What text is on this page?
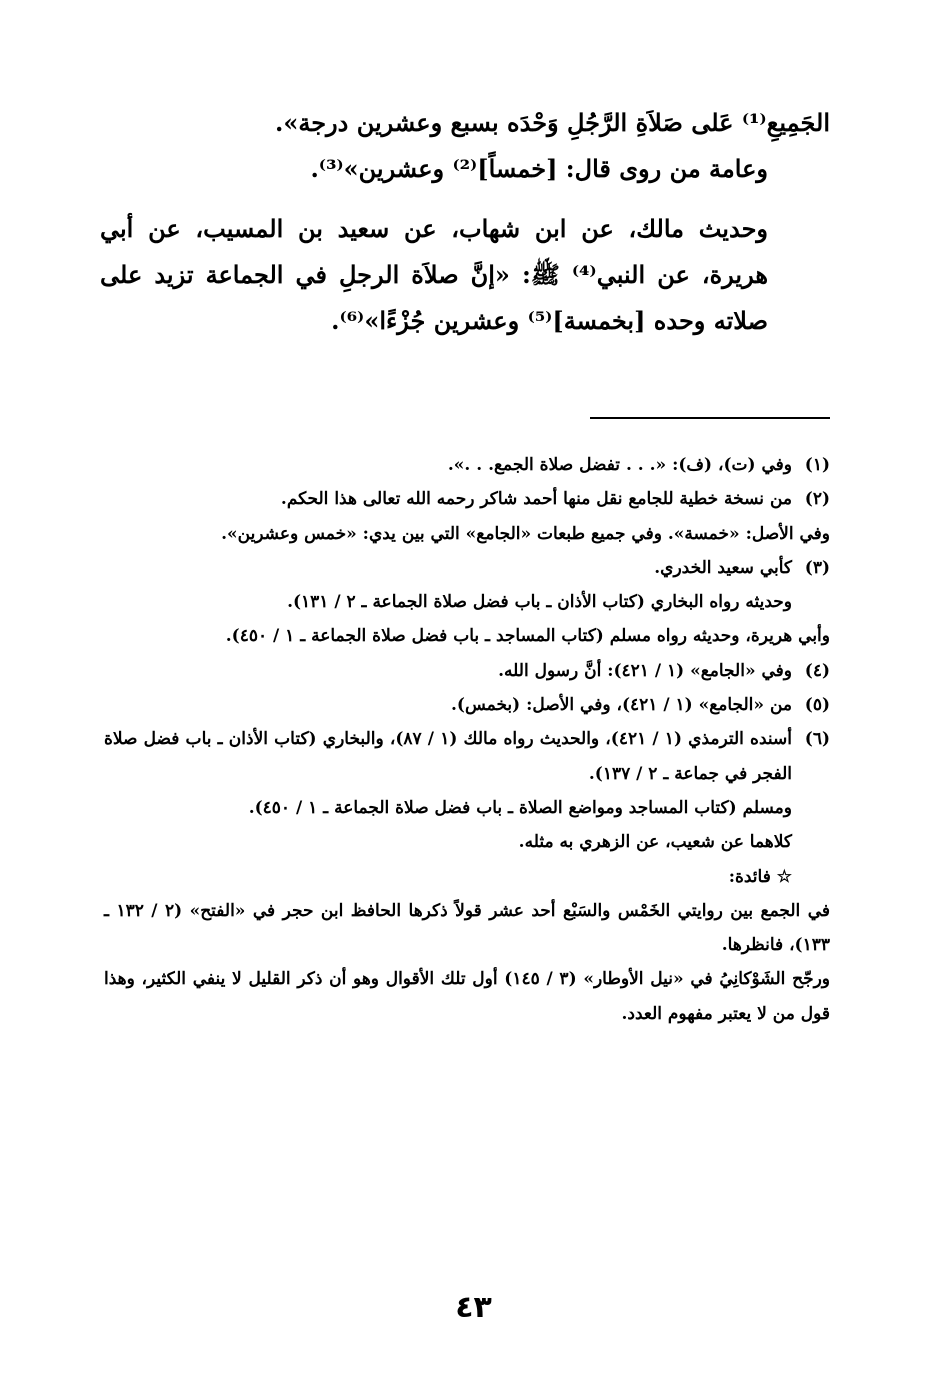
الجَمِيعِ⁽¹⁾ عَلى صَلاَةِ الرَّجُلِ وَحْدَه بسبع وعشرين درجة».

وعامة من روى قال: [خمساً]⁽²⁾ وعشرين»⁽³⁾.

وحديث مالك، عن ابن شهاب، عن سعيد بن المسيب، عن أبي هريرة، عن النبي⁽⁴⁾ ﷺ: «إنَّ صلاَة الرجلِ في الجماعة تزيد على صلاته وحده [بخمسة]⁽⁵⁾ وعشرين جُزْءًا»⁽⁶⁾.

(١)
وفي (ت)، (ف): «. . . تفضل صلاة الجمع. . .».
(٢)
من نسخة خطية للجامع نقل منها أحمد شاكر رحمه الله تعالى هذا الحكم.

وفي الأصل: «خمسة». وفي جميع طبعات «الجامع» التي بين يدي: «خمس وعشرين».

(٣)
كأبي سعيد الخدري.

وحديثه رواه البخاري (كتاب الأذان ـ باب فضل صلاة الجماعة ـ ٢ / ١٣١).

وأبي هريرة، وحديثه رواه مسلم (كتاب المساجد ـ باب فضل صلاة الجماعة ـ ١ / ٤٥٠).

(٤)
وفي «الجامع» (١ / ٤٢١): أنَّ رسول الله.
(٥)
من «الجامع» (١ / ٤٢١)، وفي الأصل: (بخمس).
(٦)
أسنده الترمذي (١ / ٤٢١)، والحديث رواه مالك (١ / ٨٧)، والبخاري (كتاب الأذان ـ باب فضل صلاة الفجر في جماعة ـ ٢ / ١٣٧).

ومسلم (كتاب المساجد ومواضع الصلاة ـ باب فضل صلاة الجماعة ـ ١ / ٤٥٠).

كلاهما عن شعيب، عن الزهري به مثله.

☆ فائدة:

في الجمع بين روايتي الخَمْس والسَبْع أحد عشر قولاً ذكرها الحافظ ابن حجر في «الفتح» (٢ / ١٣٢ ـ ١٣٣)، فانظرها.

ورجّح الشَوْكانِيُ في «نيل الأوطار» (٣ / ١٤٥) أول تلك الأقوال وهو أن ذكر القليل لا ينفي الكثير، وهذا قول من لا يعتبر مفهوم العدد.

٤٣
